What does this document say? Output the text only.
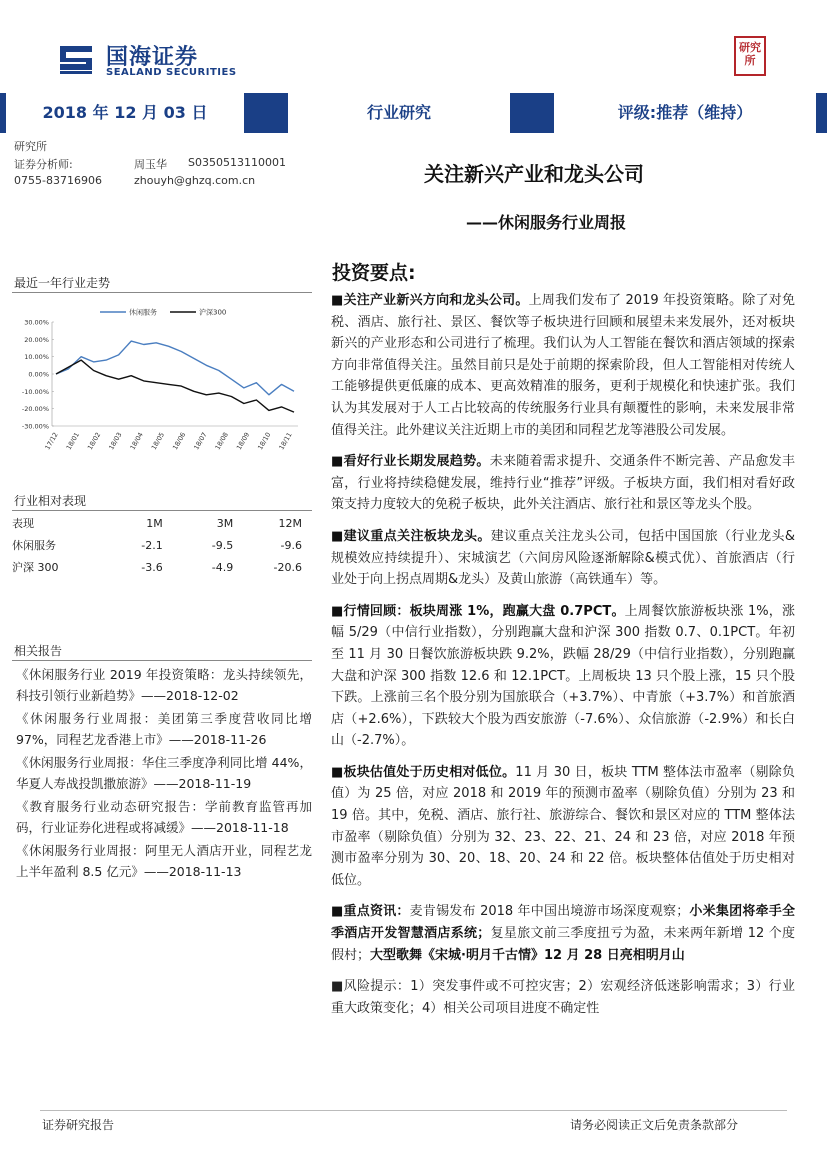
国海证券
SEALAND SECURITIES
研究所
2018 年 12 月 03 日	行业研究	评级:推荐（维持）
研究所
证券分析师:	周玉华 S0350513110001
0755-83716906	zhouyh@ghzq.com.cn	关注新兴产业和龙头公司
——休闲服务行业周报
最近一年行业走势
30.00%
20.00%
10.00%
0.00%
-10.00%
-20.00%
-30.00%
17/12 18/01 18/02 18/03 18/04 18/05 18/06 18/07 18/08 18/09 18/10 18/11
休闲服务	沪深300
行业相对表现
表现	1M	3M	12M
休闲服务	-2.1	-9.5	-9.6
沪深 300	-3.6	-4.9	-20.6
相关报告

《休闲服务行业 2019 年投资策略：龙头持续领先，科技引领行业新趋势》——2018-12-02

《休闲服务行业周报：美团第三季度营收同比增 97%，同程艺龙香港上市》——2018-11-26

《休闲服务行业周报：华住三季度净利同比增 44%，华夏人寿战投凯撒旅游》——2018-11-19

《教育服务行业动态研究报告：学前教育监管再加码，行业证券化进程或将减缓》——2018-11-18

《休闲服务行业周报：阿里无人酒店开业，同程艺龙上半年盈利 8.5 亿元》——2018-11-13

投资要点:

■关注产业新兴方向和龙头公司。上周我们发布了 2019 年投资策略。除了对免税、酒店、旅行社、景区、餐饮等子板块进行回顾和展望未来发展外，还对板块新兴的产业形态和公司进行了梳理。我们认为人工智能在餐饮和酒店领域的探索方向非常值得关注。虽然目前只是处于前期的探索阶段，但人工智能相对传统人工能够提供更低廉的成本、更高效精准的服务，更利于规模化和快速扩张。我们认为其发展对于人工占比较高的传统服务行业具有颠覆性的影响，未来发展非常值得关注。此外建议关注近期上市的美团和同程艺龙等港股公司发展。

■看好行业长期发展趋势。未来随着需求提升、交通条件不断完善、产品愈发丰富，行业将持续稳健发展，维持行业“推荐”评级。子板块方面，我们相对看好政策支持力度较大的免税子板块，此外关注酒店、旅行社和景区等龙头个股。

■建议重点关注板块龙头。建议重点关注龙头公司，包括中国国旅（行业龙头&规模效应持续提升）、宋城演艺（六间房风险逐渐解除&模式优）、首旅酒店（行业处于向上拐点周期&龙头）及黄山旅游（高铁通车）等。

■行情回顾：板块周涨 1%，跑赢大盘 0.7PCT。上周餐饮旅游板块涨 1%，涨幅 5/29（中信行业指数），分别跑赢大盘和沪深 300 指数 0.7、0.1PCT。年初至 11 月 30 日餐饮旅游板块跌 9.2%，跌幅 28/29（中信行业指数），分别跑赢大盘和沪深 300 指数 12.6 和 12.1PCT。上周板块 13 只个股上涨，15 只个股下跌。上涨前三名个股分别为国旅联合（+3.7%）、中青旅（+3.7%）和首旅酒店（+2.6%），下跌较大个股为西安旅游（-7.6%）、众信旅游（-2.9%）和长白山（-2.7%）。

■板块估值处于历史相对低位。11 月 30 日，板块 TTM 整体法市盈率（剔除负值）为 25 倍，对应 2018 和 2019 年的预测市盈率（剔除负值）分别为 23 和 19 倍。其中，免税、酒店、旅行社、旅游综合、餐饮和景区对应的 TTM 整体法市盈率（剔除负值）分别为 32、23、22、21、24 和 23 倍，对应 2018 年预测市盈率分别为 30、20、18、20、24 和 22 倍。板块整体估值处于历史相对低位。

■重点资讯：麦肯锡发布 2018 年中国出境游市场深度观察；小米集团将牵手全季酒店开发智慧酒店系统；复星旅文前三季度扭亏为盈，未来两年新增 12 个度假村；大型歌舞《宋城·明月千古情》12 月 28 日亮相明月山

■风险提示：1）突发事件或不可控灾害；2）宏观经济低迷影响需求；3）行业重大政策变化；4）相关公司项目进度不确定性

证券研究报告	请务必阅读正文后免责条款部分
